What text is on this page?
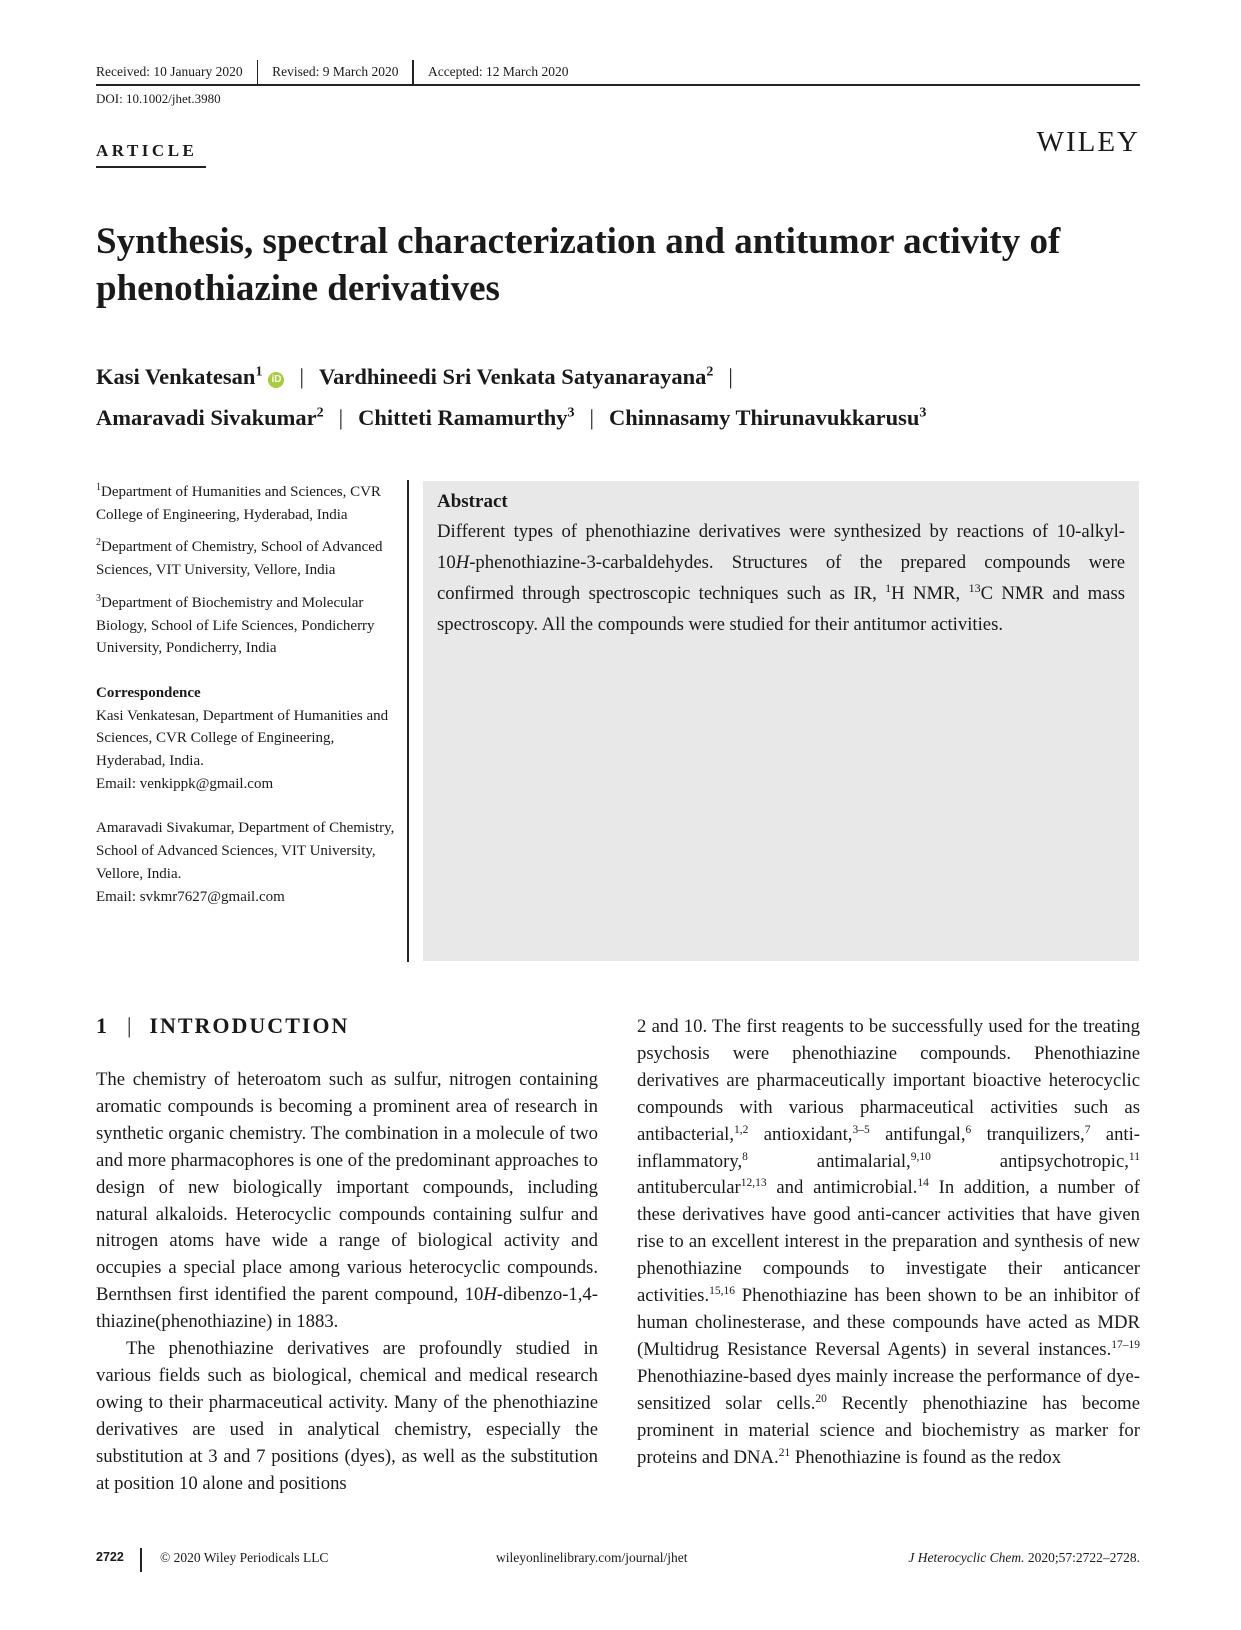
Received: 10 January 2020	Revised: 9 March 2020	Accepted: 12 March 2020
DOI: 10.1002/jhet.3980
ARTICLE	WILEY
Synthesis, spectral characterization and antitumor activity of phenothiazine derivatives
Kasi Venkatesan$^1$ iD | Vardhineedi Sri Venkata Satyanarayana$^2$ |
Amaravadi Sivakumar$^2$ | Chitteti Ramamurthy$^3$ | Chinnasamy Thirunavukkarusu$^3$

$^1$Department of Humanities and Sciences, CVR College of Engineering, Hyderabad, India

$^2$Department of Chemistry, School of Advanced Sciences, VIT University, Vellore, India

$^3$Department of Biochemistry and Molecular Biology, School of Life Sciences, Pondicherry University, Pondicherry, India

Correspondence

Kasi Venkatesan, Department of Humanities and Sciences, CVR College of Engineering, Hyderabad, India.
Email: venkippk@gmail.com

Amaravadi Sivakumar, Department of Chemistry, School of Advanced Sciences, VIT University, Vellore, India.
Email: svkmr7627@gmail.com

Abstract
Different types of phenothiazine derivatives were synthesized by reactions of 10-alkyl-10H-phenothiazine-3-carbaldehydes. Structures of the prepared compounds were confirmed through spectroscopic techniques such as IR, $^1$H NMR, $^{13}$C NMR and mass spectroscopy. All the compounds were studied for their antitumor activities.
1 | INTRODUCTION

The chemistry of heteroatom such as sulfur, nitrogen containing aromatic compounds is becoming a prominent area of research in synthetic organic chemistry. The combination in a molecule of two and more pharmacophores is one of the predominant approaches to design of new biologically important compounds, including natural alkaloids. Heterocyclic compounds containing sulfur and nitrogen atoms have wide a range of biological activity and occupies a special place among various heterocyclic compounds. Bernthsen first identified the parent compound, 10H-dibenzo-1,4-thiazine(phenothiazine) in 1883.

The phenothiazine derivatives are profoundly studied in various fields such as biological, chemical and medical research owing to their pharmaceutical activity. Many of the phenothiazine derivatives are used in analytical chemistry, especially the substitution at 3 and 7 positions (dyes), as well as the substitution at position 10 alone and positions

2 and 10. The first reagents to be successfully used for the treating psychosis were phenothiazine compounds. Phenothiazine derivatives are pharmaceutically important bioactive heterocyclic compounds with various pharmaceutical activities such as antibacterial,$^{1,2}$ antioxidant,$^{3-5}$ antifungal,$^6$ tranquilizers,$^7$ anti-inflammatory,$^8$ antimalarial,$^{9,10}$ antipsychotropic,$^{11}$ antitubercular$^{12,13}$ and antimicrobial.$^{14}$ In addition, a number of these derivatives have good anti-cancer activities that have given rise to an excellent interest in the preparation and synthesis of new phenothiazine compounds to investigate their anticancer activities.$^{15,16}$ Phenothiazine has been shown to be an inhibitor of human cholinesterase, and these compounds have acted as MDR (Multidrug Resistance Reversal Agents) in several instances.$^{17-19}$ Phenothiazine-based dyes mainly increase the performance of dye-sensitized solar cells.$^{20}$ Recently phenothiazine has become prominent in material science and biochemistry as marker for proteins and DNA.$^{21}$ Phenothiazine is found as the redox

2722	© 2020 Wiley Periodicals LLC	wileyonlinelibrary.com/journal/jhet	J Heterocyclic Chem. 2020;57:2722–2728.
